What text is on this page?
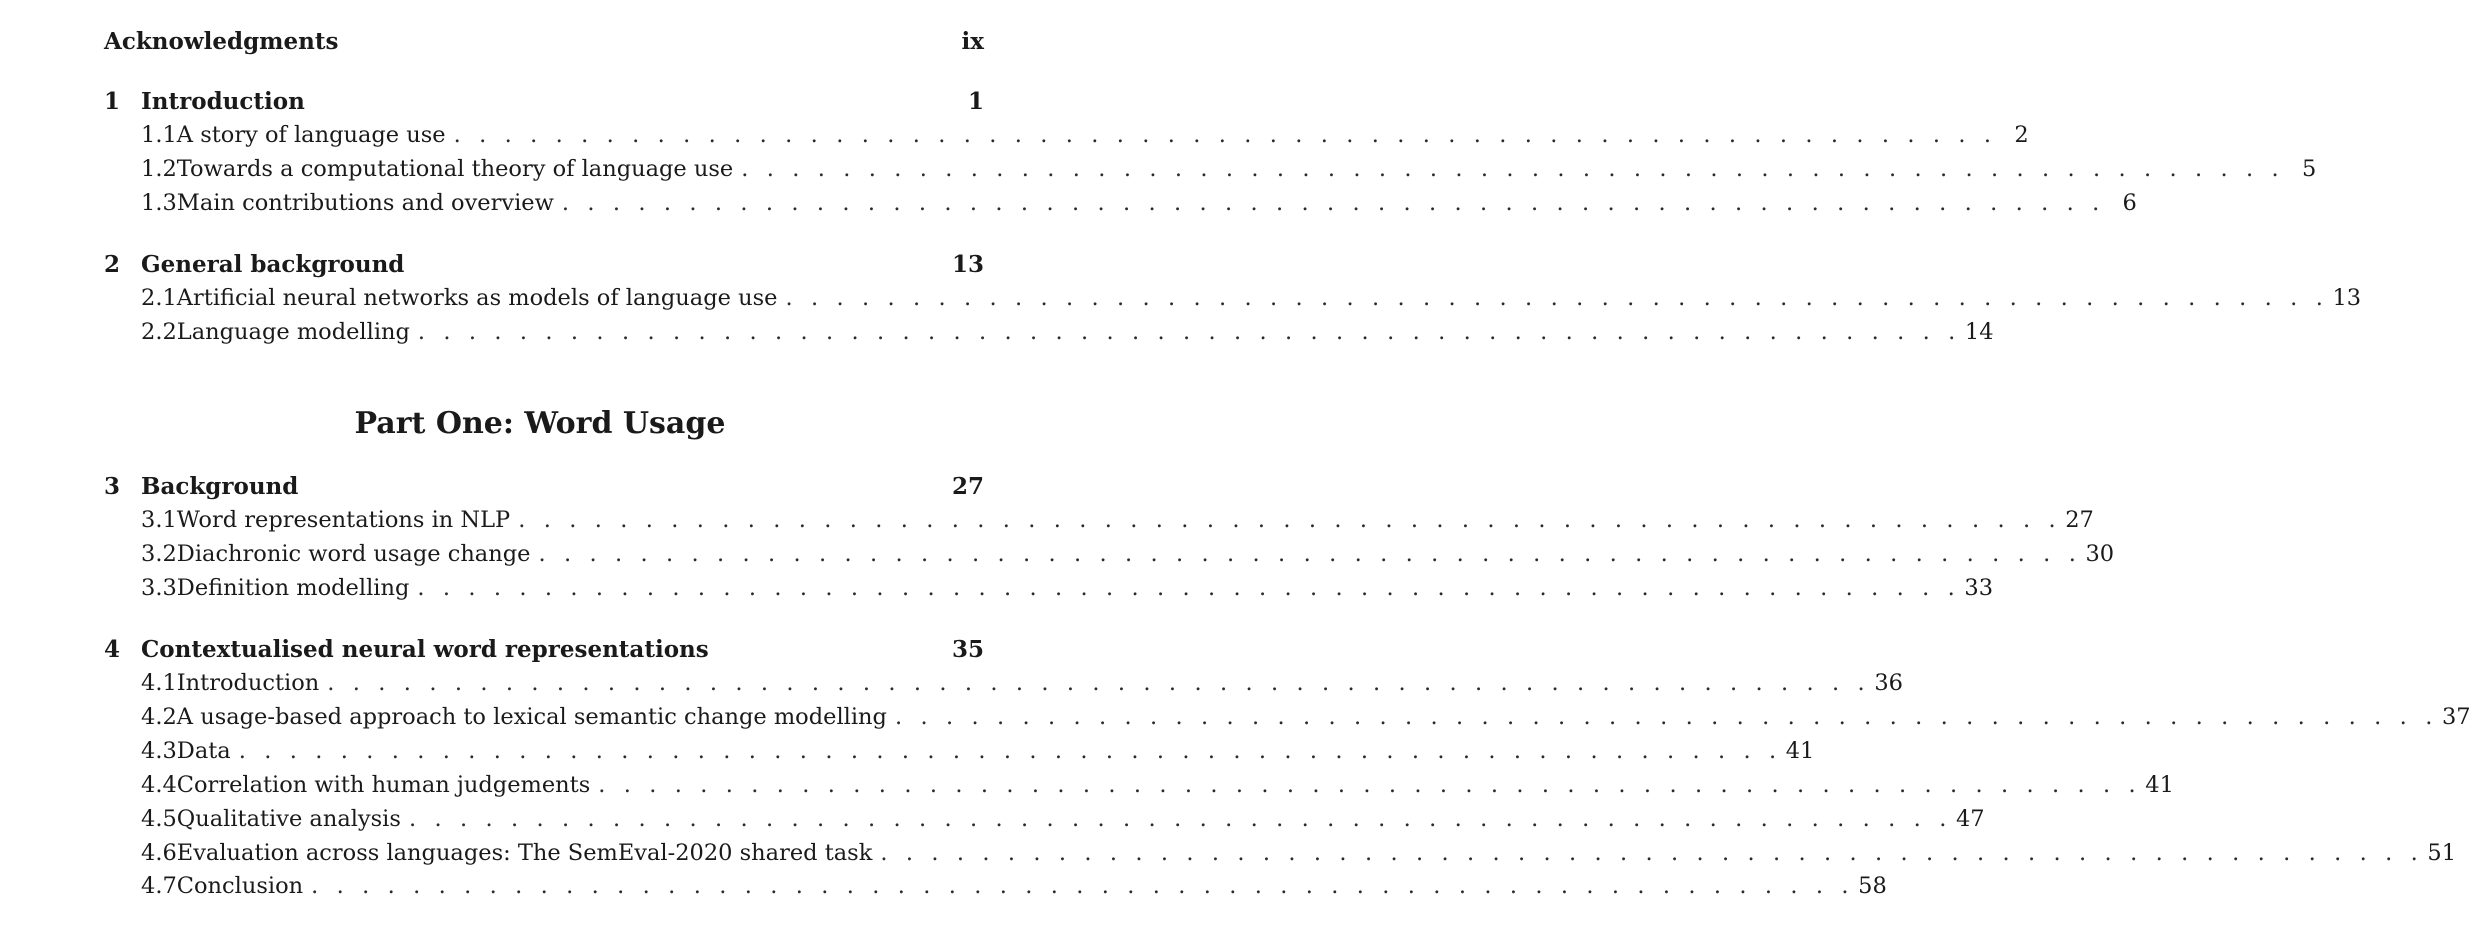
Acknowledgments	ix
1 Introduction	1
1.1 A story of language use . . . . . . . . . . . . . . . . . . . . . . . . . . . . . . . . . . . . . . . . . . . . . . . . . . . . . . . . . . . . . 2
1.2 Towards a computational theory of language use . . . . . . . . . . . . . . . . . . . . . . . . . . . . . . . . . . . . . . . . . . . . . . . . . . . . . . . . . . . . . 5
1.3 Main contributions and overview . . . . . . . . . . . . . . . . . . . . . . . . . . . . . . . . . . . . . . . . . . . . . . . . . . . . . . . . . . . . . 6
2 General background	13
2.1 Artificial neural networks as models of language use . . . . . . . . . . . . . . . . . . . . . . . . . . . . . . . . . . . . . . . . . . . . . . . . . . . . . . . . . . . . . 13
2.2 Language modelling . . . . . . . . . . . . . . . . . . . . . . . . . . . . . . . . . . . . . . . . . . . . . . . . . . . . . . . . . . . . . 14
3 Background	27
3.1 Word representations in NLP . . . . . . . . . . . . . . . . . . . . . . . . . . . . . . . . . . . . . . . . . . . . . . . . . . . . . . . . . . . . . 27
3.2 Diachronic word usage change . . . . . . . . . . . . . . . . . . . . . . . . . . . . . . . . . . . . . . . . . . . . . . . . . . . . . . . . . . . . . 30
3.3 Definition modelling . . . . . . . . . . . . . . . . . . . . . . . . . . . . . . . . . . . . . . . . . . . . . . . . . . . . . . . . . . . . . 33
4 Contextualised neural word representations	35
4.1 Introduction . . . . . . . . . . . . . . . . . . . . . . . . . . . . . . . . . . . . . . . . . . . . . . . . . . . . . . . . . . . . . 36
4.2 A usage-based approach to lexical semantic change modelling . . . . . . . . . . . . . . . . . . . . . . . . . . . . . . . . . . . . . . . . . . . . . . . . . . . . . . . . . . . . . 37
4.3 Data . . . . . . . . . . . . . . . . . . . . . . . . . . . . . . . . . . . . . . . . . . . . . . . . . . . . . . . . . . . . . 41
4.4 Correlation with human judgements . . . . . . . . . . . . . . . . . . . . . . . . . . . . . . . . . . . . . . . . . . . . . . . . . . . . . . . . . . . . . 41
4.5 Qualitative analysis . . . . . . . . . . . . . . . . . . . . . . . . . . . . . . . . . . . . . . . . . . . . . . . . . . . . . . . . . . . . . 47
4.6 Evaluation across languages: The SemEval-2020 shared task . . . . . . . . . . . . . . . . . . . . . . . . . . . . . . . . . . . . . . . . . . . . . . . . . . . . . . . . . . . . . 51
4.7 Conclusion . . . . . . . . . . . . . . . . . . . . . . . . . . . . . . . . . . . . . . . . . . . . . . . . . . . . . . . . . . . . . 58
Part One: Word Usage
